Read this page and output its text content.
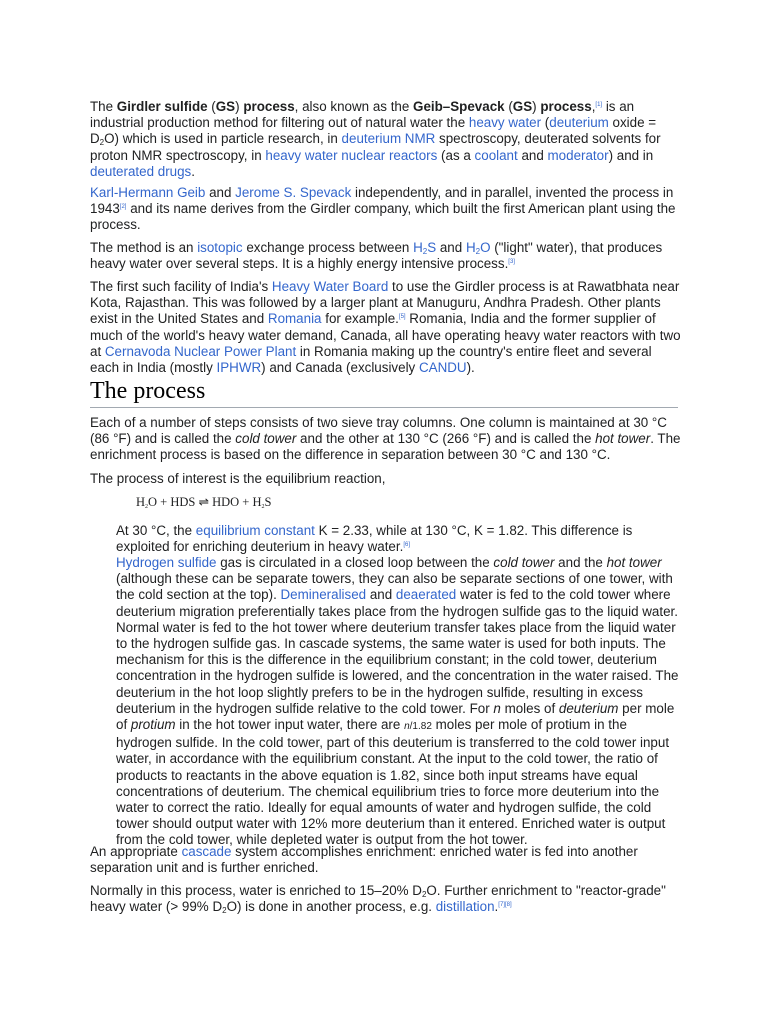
The Girdler sulfide (GS) process, also known as the Geib–Spevack (GS) process,[1] is an industrial production method for filtering out of natural water the heavy water (deuterium oxide = $D_2O$) which is used in particle research, in deuterium NMR spectroscopy, deuterated solvents for proton NMR spectroscopy, in heavy water nuclear reactors (as a coolant and moderator) and in deuterated drugs.

Karl-Hermann Geib and Jerome S. Spevack independently, and in parallel, invented the process in 1943[2] and its name derives from the Girdler company, which built the first American plant using the process.

The method is an isotopic exchange process between $H_2S$ and $H_2O$ ("light" water), that produces heavy water over several steps. It is a highly energy intensive process.[3]

The first such facility of India's Heavy Water Board to use the Girdler process is at Rawatbhata near Kota, Rajasthan. This was followed by a larger plant at Manuguru, Andhra Pradesh. Other plants exist in the United States and Romania for example.[5] Romania, India and the former supplier of much of the world's heavy water demand, Canada, all have operating heavy water reactors with two at Cernavoda Nuclear Power Plant in Romania making up the country's entire fleet and several each in India (mostly IPHWR) and Canada (exclusively CANDU).

The process

Each of a number of steps consists of two sieve tray columns. One column is maintained at 30 °C (86 °F) and is called the cold tower and the other at 130 °C (266 °F) and is called the hot tower. The enrichment process is based on the difference in separation between 30 °C and 130 °C.

The process of interest is the equilibrium reaction,

$H_2O$ + HDS ⇌ HDO + $H_2S$

At 30 °C, the equilibrium constant K = 2.33, while at 130 °C, K = 1.82. This difference is exploited for enriching deuterium in heavy water.[6]

Hydrogen sulfide gas is circulated in a closed loop between the cold tower and the hot tower (although these can be separate towers, they can also be separate sections of one tower, with the cold section at the top). Demineralised and deaerated water is fed to the cold tower where deuterium migration preferentially takes place from the hydrogen sulfide gas to the liquid water. Normal water is fed to the hot tower where deuterium transfer takes place from the liquid water to the hydrogen sulfide gas. In cascade systems, the same water is used for both inputs. The mechanism for this is the difference in the equilibrium constant; in the cold tower, deuterium concentration in the hydrogen sulfide is lowered, and the concentration in the water raised. The deuterium in the hot loop slightly prefers to be in the hydrogen sulfide, resulting in excess deuterium in the hydrogen sulfide relative to the cold tower. For n moles of deuterium per mole of protium in the hot tower input water, there are n/1.82 moles per mole of protium in the hydrogen sulfide. In the cold tower, part of this deuterium is transferred to the cold tower input water, in accordance with the equilibrium constant. At the input to the cold tower, the ratio of products to reactants in the above equation is 1.82, since both input streams have equal concentrations of deuterium. The chemical equilibrium tries to force more deuterium into the water to correct the ratio. Ideally for equal amounts of water and hydrogen sulfide, the cold tower should output water with 12% more deuterium than it entered. Enriched water is output from the cold tower, while depleted water is output from the hot tower.

An appropriate cascade system accomplishes enrichment: enriched water is fed into another separation unit and is further enriched.

Normally in this process, water is enriched to 15–20% $D_2O$. Further enrichment to "reactor-grade" heavy water (> 99% $D_2O$) is done in another process, e.g. distillation.[7][8]
